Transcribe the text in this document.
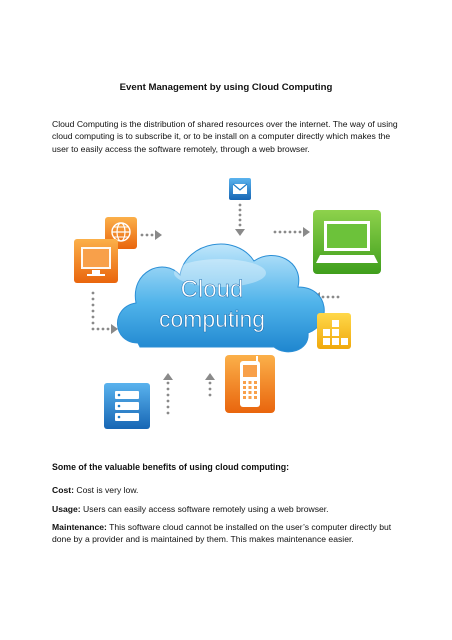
Event Management by using Cloud Computing

Cloud Computing is the distribution of shared resources over the internet. The way of using cloud computing is to subscribe it, or to be install on a computer directly which makes the user to easily access the software remotely, through a web browser.

Cloud
computing
Some of the valuable benefits of using cloud computing:

Cost: Cost is very low.

Usage: Users can easily access software remotely using a web browser.

Maintenance: This software cloud cannot be installed on the user’s computer directly but done by a provider and is maintained by them. This makes maintenance easier.
